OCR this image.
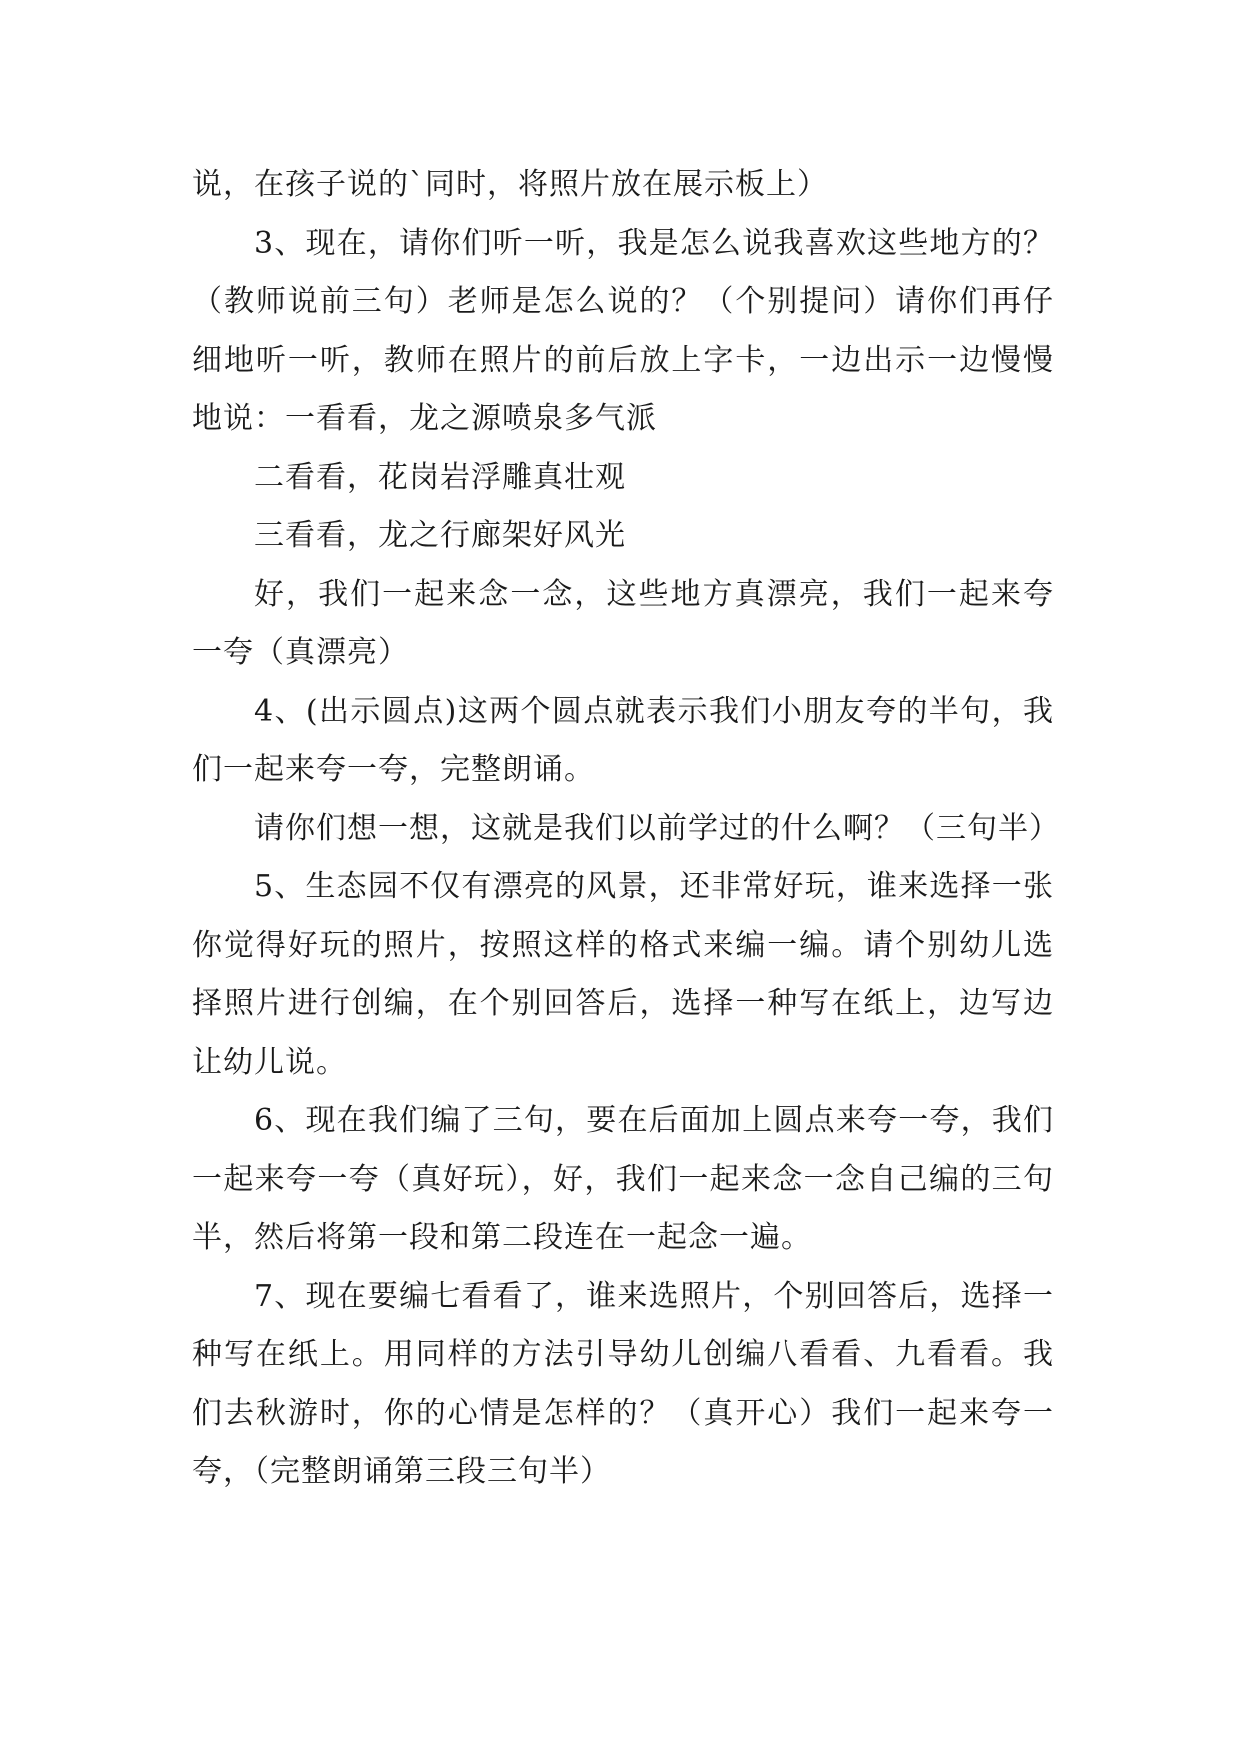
说，在孩子说的`同时，将照片放在展示板上）

3、现在，请你们听一听，我是怎么说我喜欢这些地方的？（教师说前三句）老师是怎么说的？（个别提问）请你们再仔细地听一听，教师在照片的前后放上字卡，一边出示一边慢慢地说：一看看，龙之源喷泉多气派

二看看，花岗岩浮雕真壮观

三看看，龙之行廊架好风光

好，我们一起来念一念，这些地方真漂亮，我们一起来夸一夸（真漂亮）

4、(出示圆点)这两个圆点就表示我们小朋友夸的半句，我们一起来夸一夸，完整朗诵。

请你们想一想，这就是我们以前学过的什么啊？（三句半）

5、生态园不仅有漂亮的风景，还非常好玩，谁来选择一张你觉得好玩的照片，按照这样的格式来编一编。请个别幼儿选择照片进行创编，在个别回答后，选择一种写在纸上，边写边让幼儿说。

6、现在我们编了三句，要在后面加上圆点来夸一夸，我们一起来夸一夸（真好玩），好，我们一起来念一念自己编的三句半，然后将第一段和第二段连在一起念一遍。

7、现在要编七看看了，谁来选照片，个别回答后，选择一种写在纸上。用同样的方法引导幼儿创编八看看、九看看。我们去秋游时，你的心情是怎样的？（真开心）我们一起来夸一夸，（完整朗诵第三段三句半）
